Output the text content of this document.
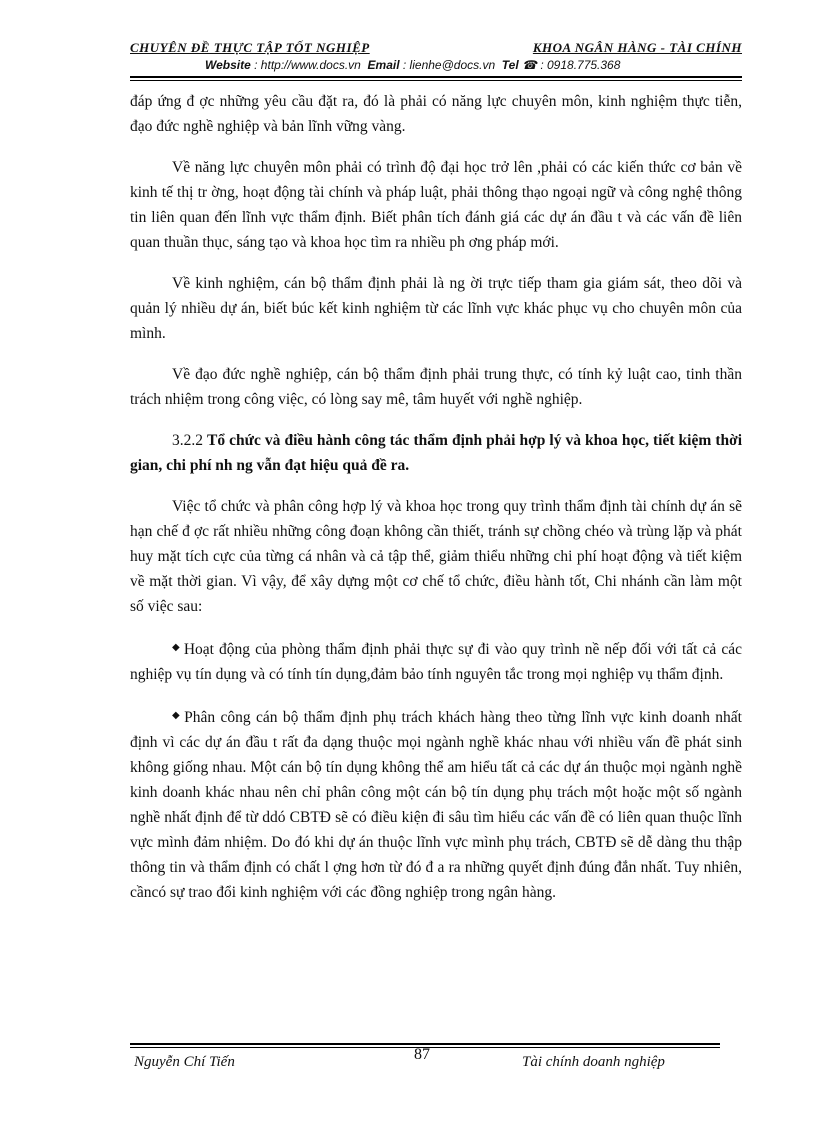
CHUYÊN ĐỀ THỰC TẬP TỐT NGHIỆP	KHOA NGÂN HÀNG - TÀI CHÍNH
Website : http://www.docs.vn Email : lienhe@docs.vn Tel ☎ : 0918.775.368

đáp ứng đ ợc những yêu cầu đặt ra, đó là phải có năng lực chuyên môn, kinh nghiệm thực tiễn, đạo đức nghề nghiệp và bản lĩnh vững vàng.

Về năng lực chuyên môn phải có trình độ đại học trở lên ,phải có các kiến thức cơ bản về kinh tế thị tr ờng, hoạt động tài chính và pháp luật, phải thông thạo ngoại ngữ và công nghệ thông tin liên quan đến lĩnh vực thẩm định. Biết phân tích đánh giá các dự án đầu t và các vấn đề liên quan thuần thục, sáng tạo và khoa học tìm ra nhiều ph ơng pháp mới.

Về kinh nghiệm, cán bộ thẩm định phải là ng ời trực tiếp tham gia giám sát, theo dõi và quản lý nhiều dự án, biết búc kết kinh nghiệm từ các lĩnh vực khác phục vụ cho chuyên môn của mình.

Về đạo đức nghề nghiệp, cán bộ thẩm định phải trung thực, có tính kỷ luật cao, tinh thần trách nhiệm trong công việc, có lòng say mê, tâm huyết với nghề nghiệp.

3.2.2 Tổ chức và điều hành công tác thẩm định phải hợp lý và khoa học, tiết kiệm thời gian, chi phí nh ng vẫn đạt hiệu quả đề ra.

Việc tổ chức và phân công hợp lý và khoa học trong quy trình thẩm định tài chính dự án sẽ hạn chế đ ợc rất nhiều những công đoạn không cần thiết, tránh sự chồng chéo và trùng lặp và phát huy mặt tích cực của từng cá nhân và cả tập thể, giảm thiểu những chi phí hoạt động và tiết kiệm về mặt thời gian. Vì vậy, để xây dựng một cơ chế tổ chức, điều hành tốt, Chi nhánh cần làm một số việc sau:

◆ Hoạt động của phòng thẩm định phải thực sự đi vào quy trình nề nếp đối với tất cả các nghiệp vụ tín dụng và có tính tín dụng,đảm bảo tính nguyên tắc trong mọi nghiệp vụ thẩm định.

◆ Phân công cán bộ thẩm định phụ trách khách hàng theo từng lĩnh vực kinh doanh nhất định vì các dự án đầu t rất đa dạng thuộc mọi ngành nghề khác nhau với nhiều vấn đề phát sinh không giống nhau. Một cán bộ tín dụng không thể am hiểu tất cả các dự án thuộc mọi ngành nghề kinh doanh khác nhau nên chỉ phân công một cán bộ tín dụng phụ trách một hoặc một số ngành nghề nhất định để từ ddó CBTĐ sẽ có điều kiện đi sâu tìm hiểu các vấn đề có liên quan thuộc lĩnh vực mình đảm nhiệm. Do đó khi dự án thuộc lĩnh vực mình phụ trách, CBTĐ sẽ dễ dàng thu thập thông tin và thẩm định có chất l ợng hơn từ đó đ a ra những quyết định đúng đắn nhất. Tuy nhiên, cầncó sự trao đổi kinh nghiệm với các đồng nghiệp trong ngân hàng.

Nguyễn Chí Tiến	87	Tài chính doanh nghiệp
